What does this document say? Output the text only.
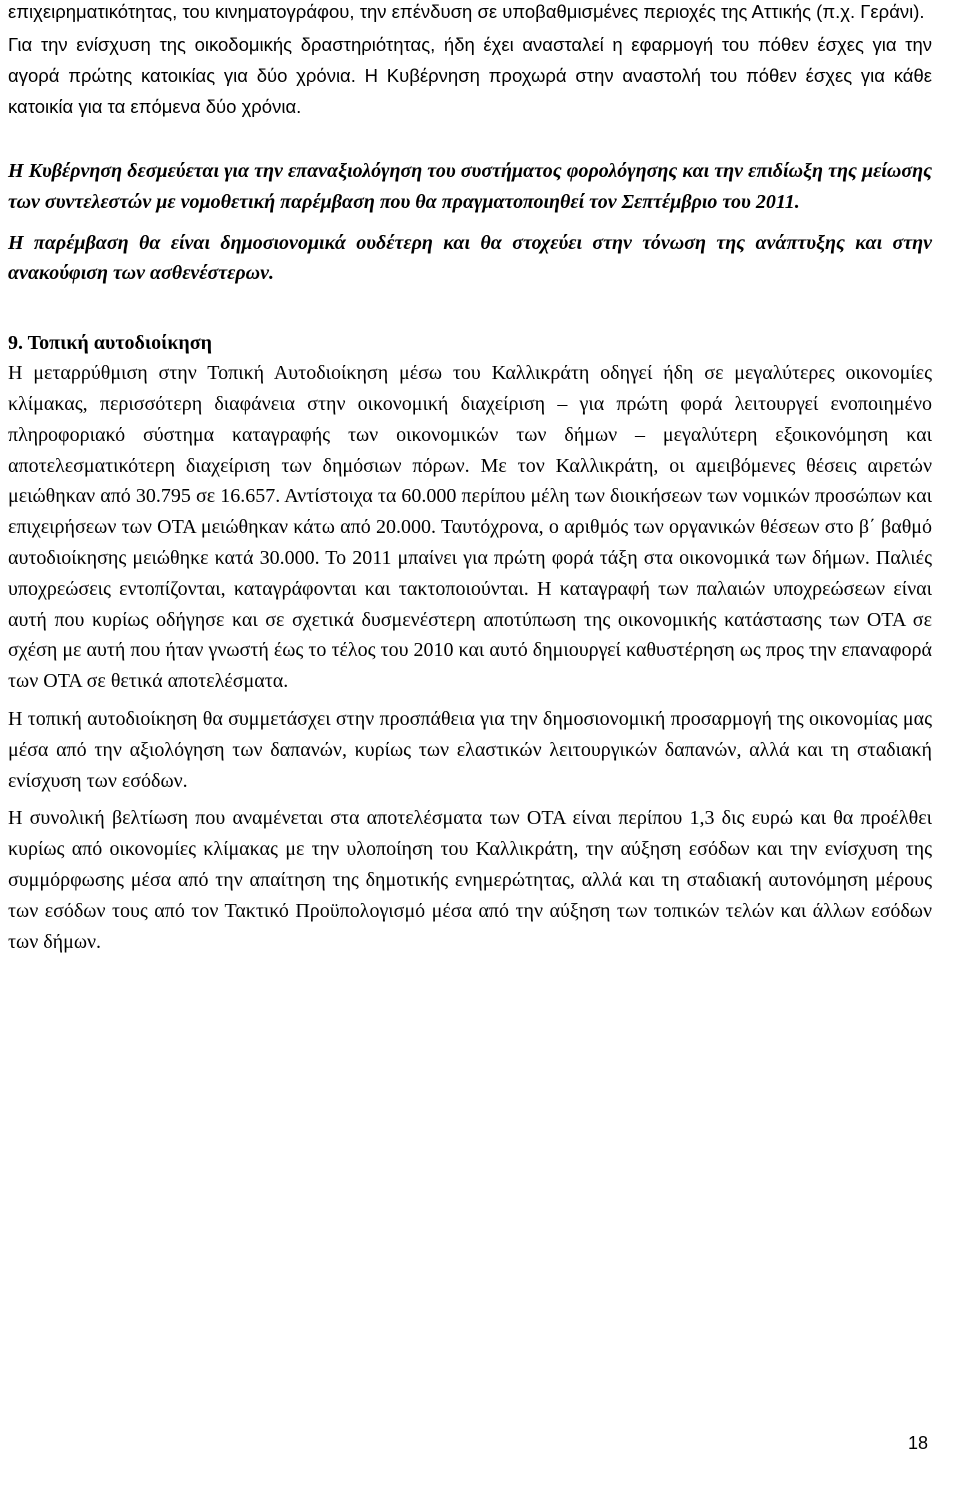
επιχειρηματικότητας, του κινηματογράφου, την επένδυση σε υποβαθμισμένες περιοχές της Αττικής (π.χ. Γεράνι).

Για την ενίσχυση της οικοδομικής δραστηριότητας, ήδη έχει ανασταλεί η εφαρμογή του πόθεν έσχες για την αγορά πρώτης κατοικίας για δύο χρόνια. Η Κυβέρνηση προχωρά στην αναστολή του πόθεν έσχες για κάθε κατοικία για τα επόμενα δύο χρόνια.

Η Κυβέρνηση δεσμεύεται για την επαναξιολόγηση του συστήματος φορολόγησης και την επιδίωξη της μείωσης των συντελεστών με νομοθετική παρέμβαση που θα πραγματοποιηθεί τον Σεπτέμβριο του 2011.

Η παρέμβαση θα είναι δημοσιονομικά ουδέτερη και θα στοχεύει στην τόνωση της ανάπτυξης και στην ανακούφιση των ασθενέστερων.

9. Τοπική αυτοδιοίκηση

Η μεταρρύθμιση στην Τοπική Αυτοδιοίκηση μέσω του Καλλικράτη οδηγεί ήδη σε μεγαλύτερες οικονομίες κλίμακας, περισσότερη διαφάνεια στην οικονομική διαχείριση – για πρώτη φορά λειτουργεί ενοποιημένο πληροφοριακό σύστημα καταγραφής των οικονομικών των δήμων – μεγαλύτερη εξοικονόμηση και αποτελεσματικότερη διαχείριση των δημόσιων πόρων. Με τον Καλλικράτη, οι αμειβόμενες θέσεις αιρετών μειώθηκαν από 30.795 σε 16.657. Αντίστοιχα τα 60.000 περίπου μέλη των διοικήσεων των νομικών προσώπων και επιχειρήσεων των ΟΤΑ μειώθηκαν κάτω από 20.000. Ταυτόχρονα, ο αριθμός των οργανικών θέσεων στο β΄ βαθμό αυτοδιοίκησης μειώθηκε κατά 30.000. Το 2011 μπαίνει για πρώτη φορά τάξη στα οικονομικά των δήμων. Παλιές υποχρεώσεις εντοπίζονται, καταγράφονται και τακτοποιούνται. Η καταγραφή των παλαιών υποχρεώσεων είναι αυτή που κυρίως οδήγησε και σε σχετικά δυσμενέστερη αποτύπωση της οικονομικής κατάστασης των ΟΤΑ σε σχέση με αυτή που ήταν γνωστή έως το τέλος του 2010 και αυτό δημιουργεί καθυστέρηση ως προς την επαναφορά των ΟΤΑ σε θετικά αποτελέσματα.

Η τοπική αυτοδιοίκηση θα συμμετάσχει στην προσπάθεια για την δημοσιονομική προσαρμογή της οικονομίας μας μέσα από την αξιολόγηση των δαπανών, κυρίως των ελαστικών λειτουργικών δαπανών, αλλά και τη σταδιακή ενίσχυση των εσόδων.

Η συνολική βελτίωση που αναμένεται στα αποτελέσματα των ΟΤΑ είναι περίπου 1,3 δις ευρώ και θα προέλθει κυρίως από οικονομίες κλίμακας με την υλοποίηση του Καλλικράτη, την αύξηση εσόδων και την ενίσχυση της συμμόρφωσης μέσα από την απαίτηση της δημοτικής ενημερώτητας, αλλά και τη σταδιακή αυτονόμηση μέρους των εσόδων τους από τον Τακτικό Προϋπολογισμό μέσα από την αύξηση των τοπικών τελών και άλλων εσόδων των δήμων.

18
